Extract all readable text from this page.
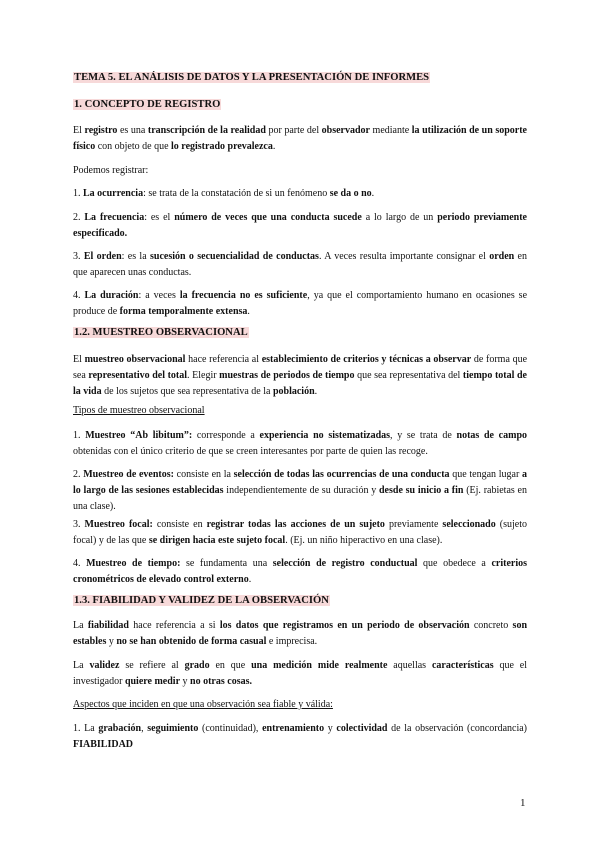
TEMA 5. EL ANÁLISIS DE DATOS Y LA PRESENTACIÓN DE INFORMES

1. CONCEPTO DE REGISTRO

El registro es una transcripción de la realidad por parte del observador mediante la utilización de un soporte físico con objeto de que lo registrado prevalezca.

Podemos registrar:

1. La ocurrencia: se trata de la constatación de si un fenómeno se da o no.

2. La frecuencia: es el número de veces que una conducta sucede a lo largo de un periodo previamente especificado.

3. El orden: es la sucesión o secuencialidad de conductas. A veces resulta importante consignar el orden en que aparecen unas conductas.

4. La duración: a veces la frecuencia no es suficiente, ya que el comportamiento humano en ocasiones se produce de forma temporalmente extensa.

1.2. MUESTREO OBSERVACIONAL

El muestreo observacional hace referencia al establecimiento de criterios y técnicas a observar de forma que sea representativo del total. Elegir muestras de periodos de tiempo que sea representativa del tiempo total de la vida de los sujetos que sea representativa de la población.

Tipos de muestreo observacional

1. Muestreo “Ab libitum”: corresponde a experiencia no sistematizadas, y se trata de notas de campo obtenidas con el único criterio de que se creen interesantes por parte de quien las recoge.

2. Muestreo de eventos: consiste en la selección de todas las ocurrencias de una conducta que tengan lugar a lo largo de las sesiones establecidas independientemente de su duración y desde su inicio a fin (Ej. rabietas en una clase).

3. Muestreo focal: consiste en registrar todas las acciones de un sujeto previamente seleccionado (sujeto focal) y de las que se dirigen hacia este sujeto focal. (Ej. un niño hiperactivo en una clase).

4. Muestreo de tiempo: se fundamenta una selección de registro conductual que obedece a criterios cronométricos de elevado control externo.

1.3. FIABILIDAD Y VALIDEZ DE LA OBSERVACIÓN

La fiabilidad hace referencia a si los datos que registramos en un periodo de observación concreto son estables y no se han obtenido de forma casual e imprecisa.

La validez se refiere al grado en que una medición mide realmente aquellas características que el investigador quiere medir y no otras cosas.

Aspectos que inciden en que una observación sea fiable y válida:

1. La grabación, seguimiento (continuidad), entrenamiento y colectividad de la observación (concordancia) FIABILIDAD

1
